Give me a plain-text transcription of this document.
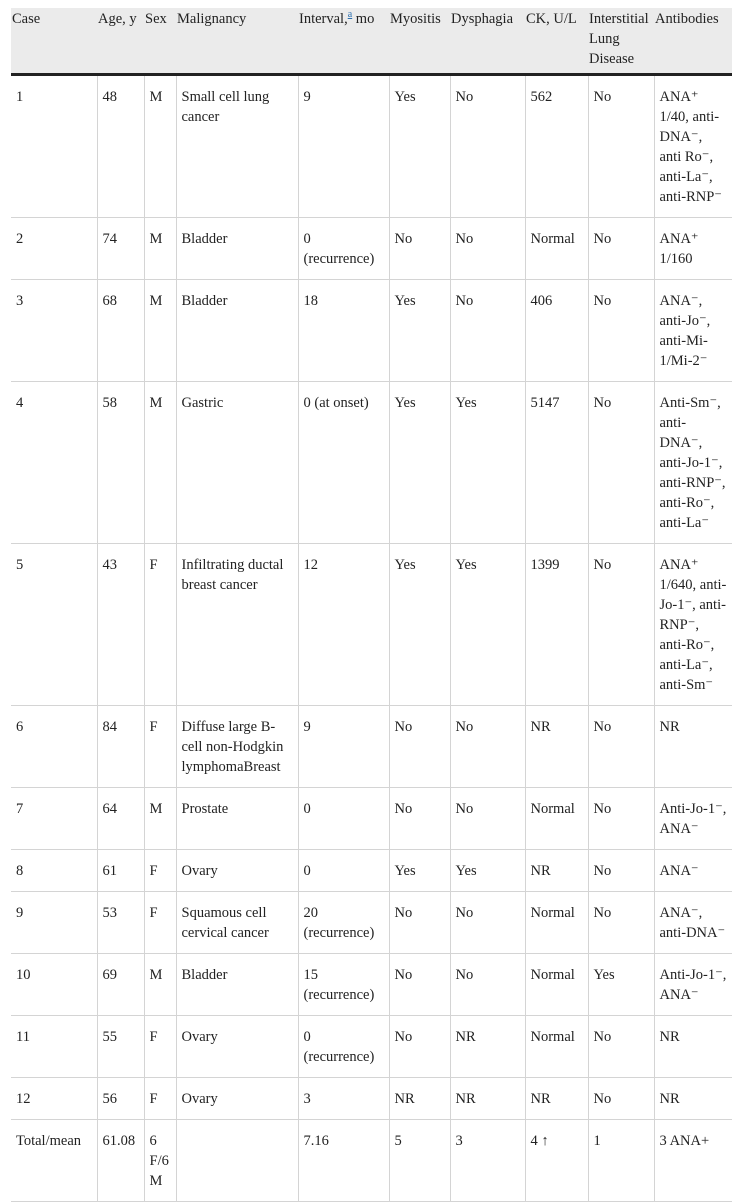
Case	Age, y	Sex	Malignancy	Interval,$^a$ mo	Myositis	Dysphagia	CK, U/L	Interstitial Lung Disease	Antibodies
1	48	M	Small cell lung cancer	9	Yes	No	562	No	ANA⁺ 1/40, anti-DNA⁻, anti Ro⁻, anti-La⁻, anti-RNP⁻
2	74	M	Bladder	0 (recurrence)	No	No	Normal	No	ANA⁺ 1/160
3	68	M	Bladder	18	Yes	No	406	No	ANA⁻, anti-Jo⁻, anti-Mi-1/Mi-2⁻
4	58	M	Gastric	0 (at onset)	Yes	Yes	5147	No	Anti-Sm⁻, anti-DNA⁻, anti-Jo-1⁻, anti-RNP⁻, anti-Ro⁻, anti-La⁻
5	43	F	Infiltrating ductal breast cancer	12	Yes	Yes	1399	No	ANA⁺ 1/640, anti-Jo-1⁻, anti-RNP⁻, anti-Ro⁻, anti-La⁻, anti-Sm⁻
6	84	F	Diffuse large B-cell non-Hodgkin lymphomaBreast	9	No	No	NR	No	NR
7	64	M	Prostate	0	No	No	Normal	No	Anti-Jo-1⁻, ANA⁻
8	61	F	Ovary	0	Yes	Yes	NR	No	ANA⁻
9	53	F	Squamous cell cervical cancer	20 (recurrence)	No	No	Normal	No	ANA⁻, anti-DNA⁻
10	69	M	Bladder	15 (recurrence)	No	No	Normal	Yes	Anti-Jo-1⁻, ANA⁻
11	55	F	Ovary	0 (recurrence)	No	NR	Normal	No	NR
12	56	F	Ovary	3	NR	NR	NR	No	NR
Total/mean	61.08	6 F/6 M		7.16	5	3	4 ↑	1	3 ANA+
